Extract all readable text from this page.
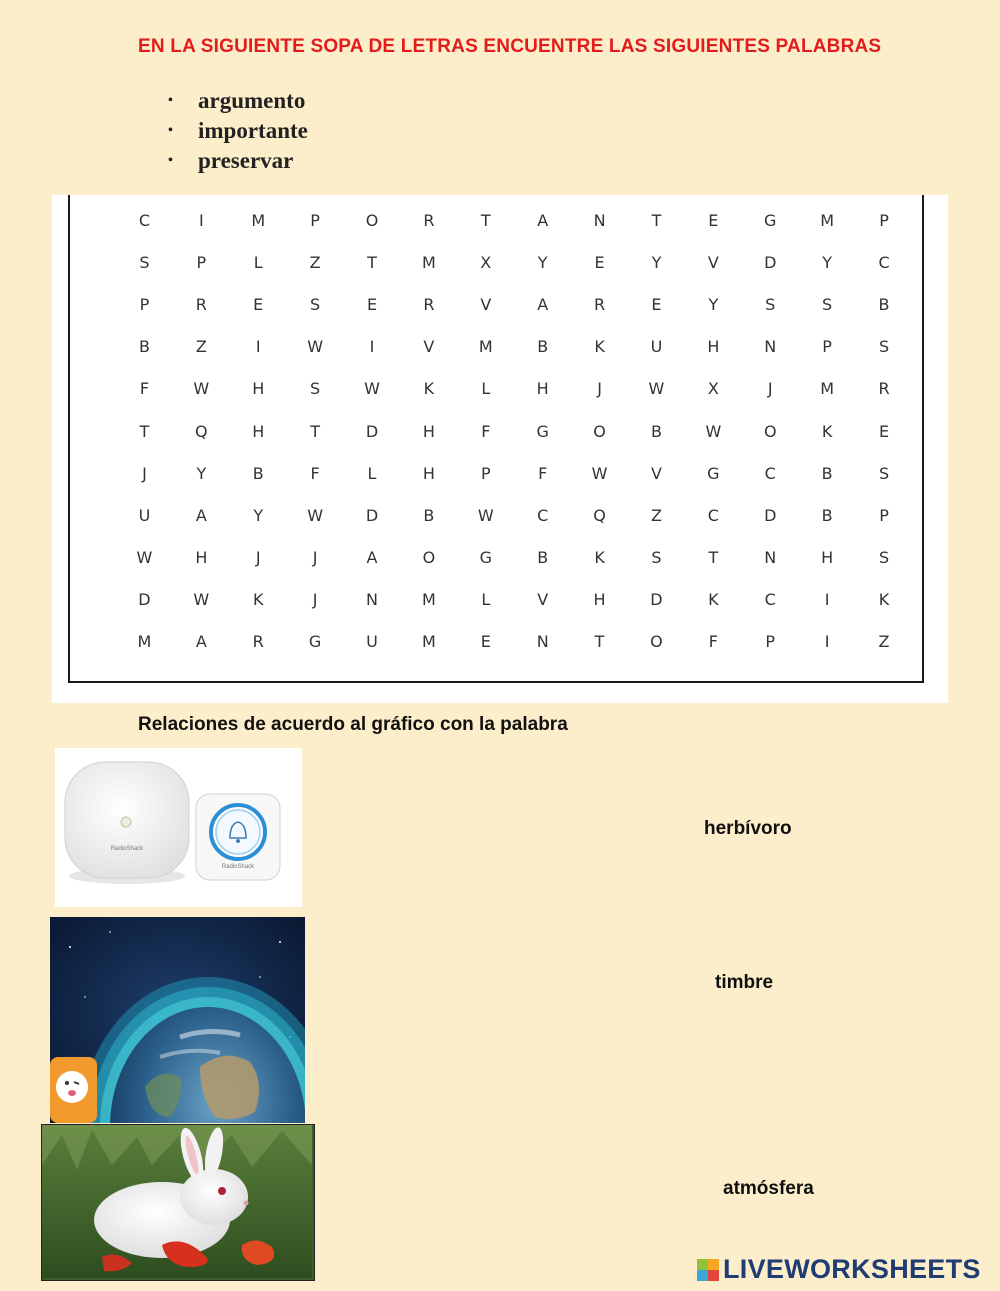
EN LA SIGUIENTE SOPA DE LETRAS ENCUENTRE LAS SIGUIENTES PALABRAS
•	argumento
•	importante
•	preservar
C	I	M	P	O	R	T	A	N	T	E	G	M	P
S	P	L	Z	T	M	X	Y	E	Y	V	D	Y	C
P	R	E	S	E	R	V	A	R	E	Y	S	S	B
B	Z	I	W	I	V	M	B	K	U	H	N	P	S
F	W	H	S	W	K	L	H	J	W	X	J	M	R
T	Q	H	T	D	H	F	G	O	B	W	O	K	E
J	Y	B	F	L	H	P	F	W	V	G	C	B	S
U	A	Y	W	D	B	W	C	Q	Z	C	D	B	P
W	H	J	J	A	O	G	B	K	S	T	N	H	S
D	W	K	J	N	M	L	V	H	D	K	C	I	K
M	A	R	G	U	M	E	N	T	O	F	P	I	Z
Relaciones de acuerdo al gráfico con la palabra
RadioShack
RadioShack
herbívoro
timbre
atmósfera
LIVEWORKSHEETS
